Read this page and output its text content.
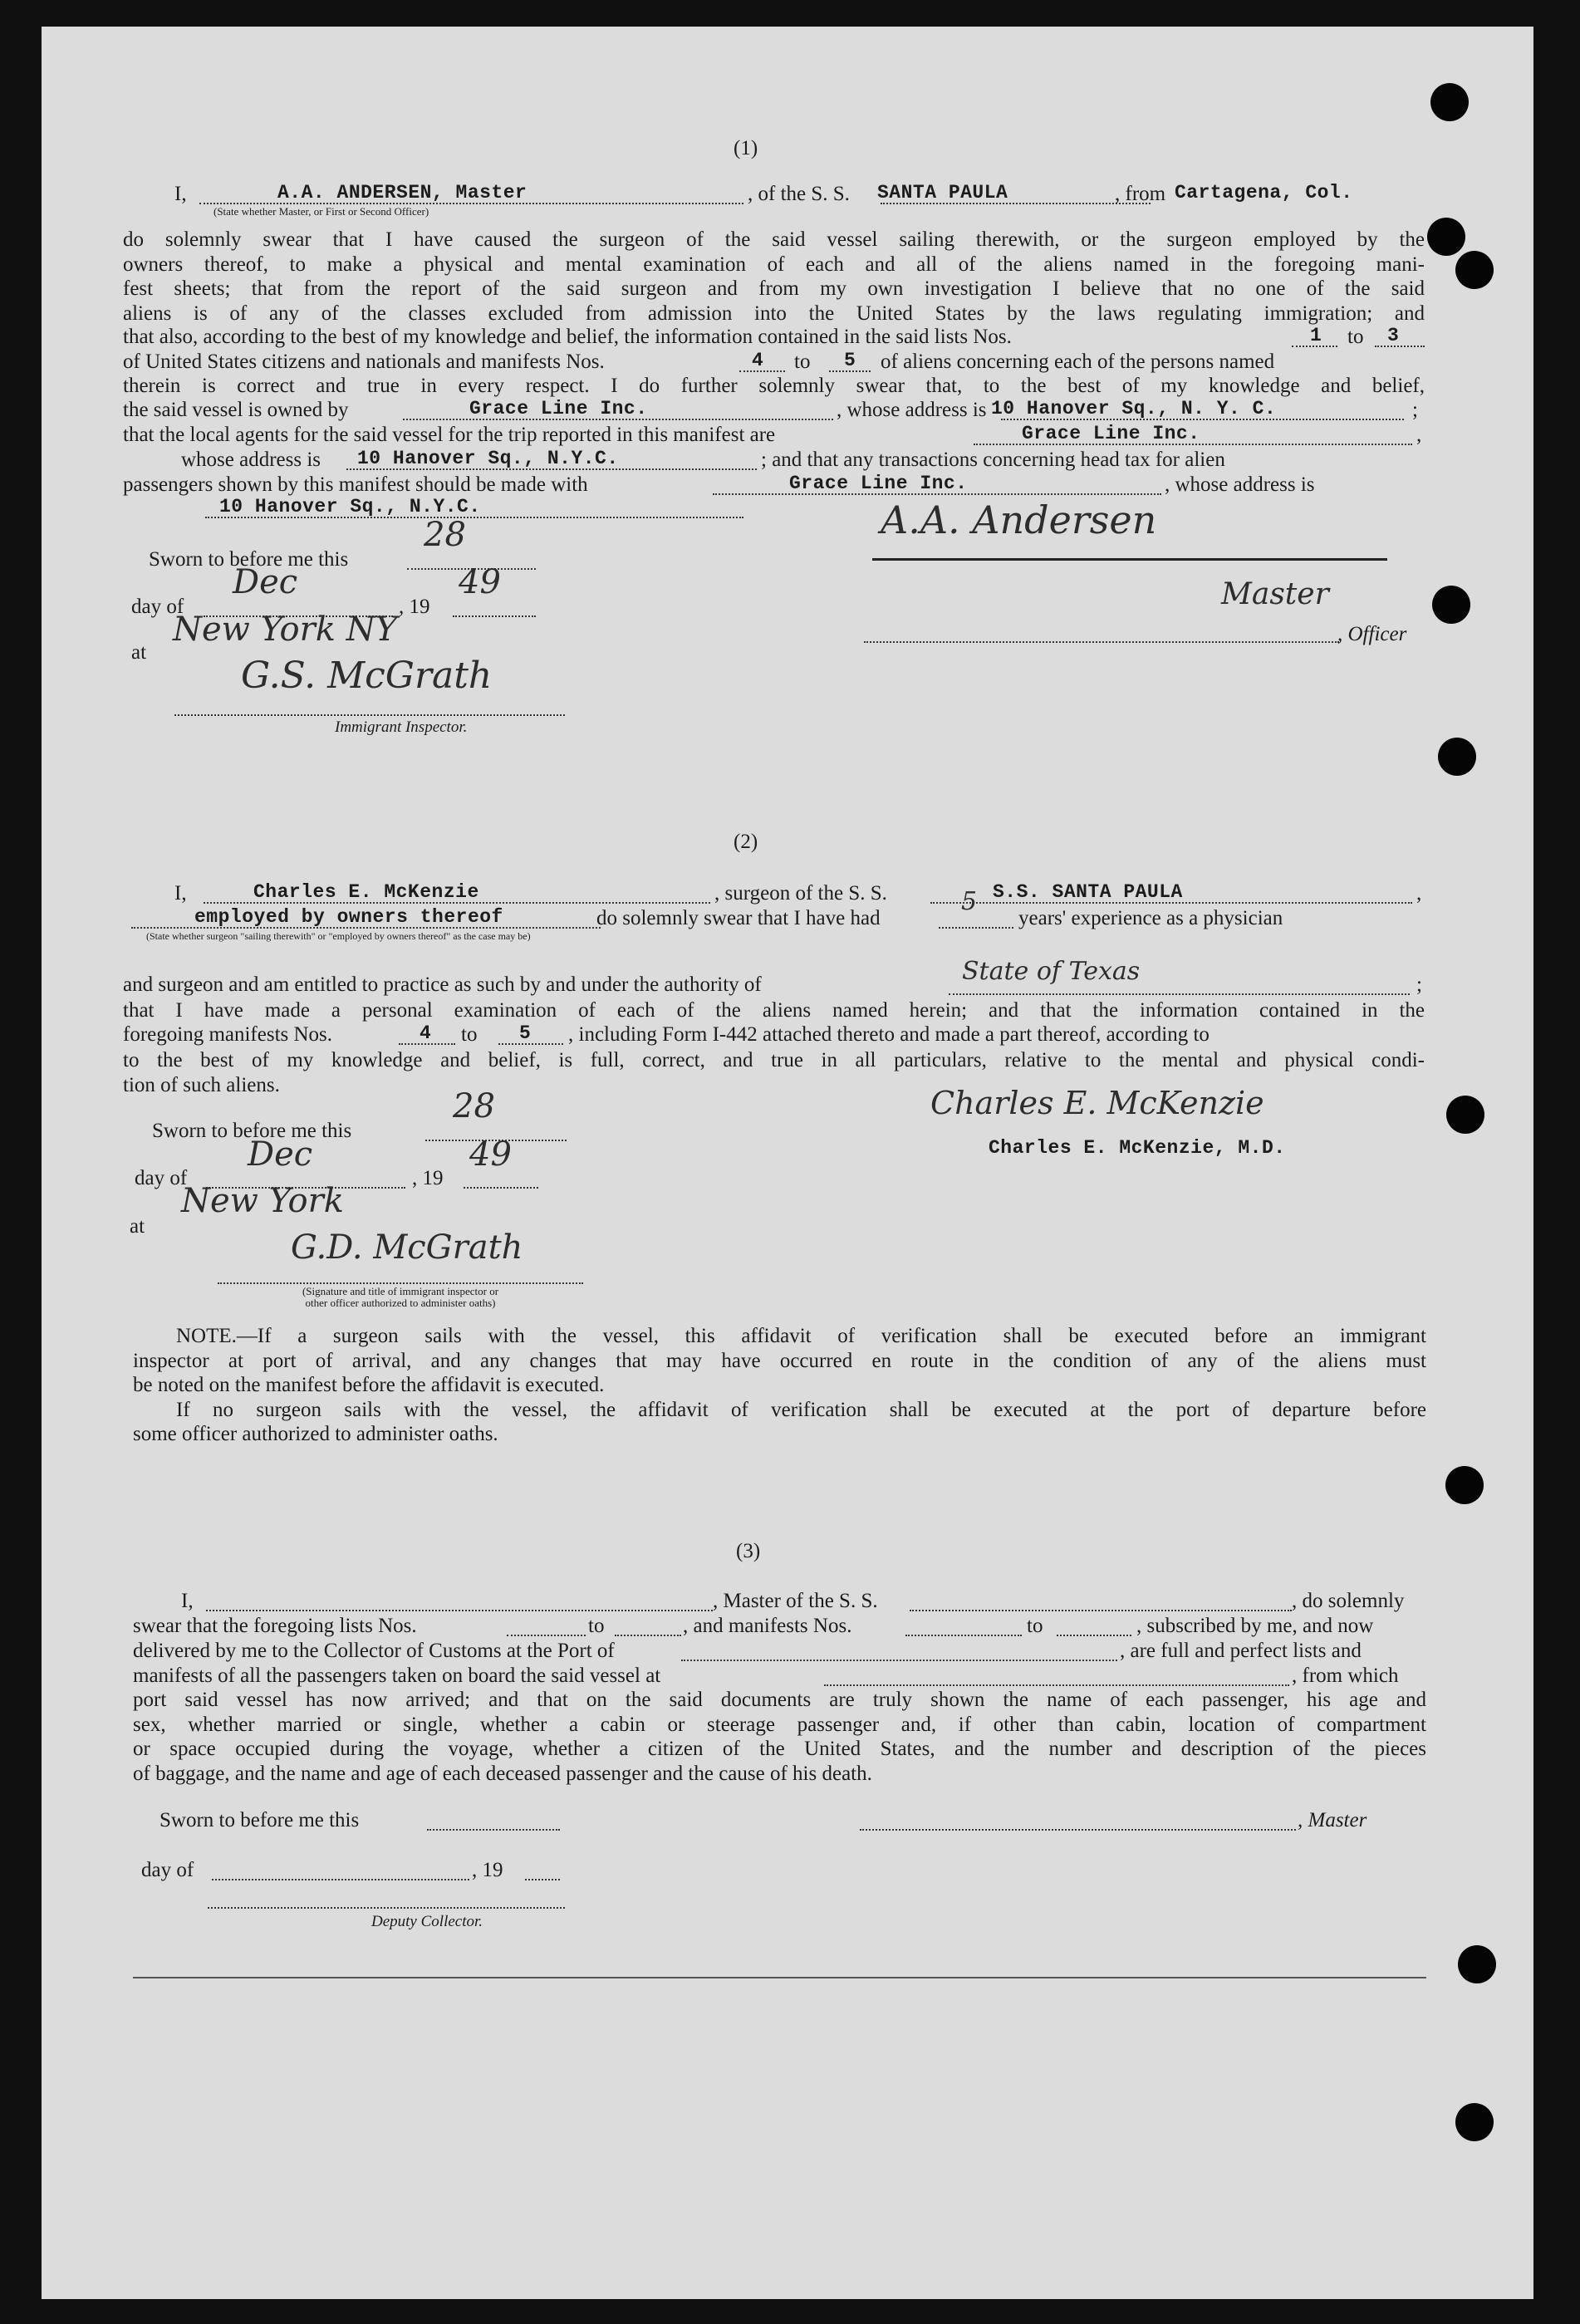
(1)
I,	A.A. ANDERSEN, Master	, of the S. S. SANTA PAULA	, from Cartagena, Col.
(State whether Master, or First or Second Officer)
do solemnly swear that I have caused the surgeon of the said vessel sailing therewith, or the surgeon employed by the
owners thereof, to make a physical and mental examination of each and all of the aliens named in the foregoing mani-
fest sheets; that from the report of the said surgeon and from my own investigation I believe that no one of the said
aliens is of any of the classes excluded from admission into the United States by the laws regulating immigration; and
that also, according to the best of my knowledge and belief, the information contained in the said lists Nos.	1 to 3
of United States citizens and nationals and manifests Nos.	4 to 5 of aliens concerning each of the persons named
therein is correct and true in every respect. I do further solemnly swear that, to the best of my knowledge and belief,
the said vessel is owned by	Grace Line Inc.	, whose address is 10 Hanover Sq., N. Y. C.	;
that the local agents for the said vessel for the trip reported in this manifest are	Grace Line Inc.	,
whose address is 10 Hanover Sq., N.Y.C.	; and that any transactions concerning head tax for alien
passengers shown by this manifest should be made with	Grace Line Inc.	, whose address is
10 Hanover Sq., N.Y.C.
Sworn to before me this
28
day of
Dec
, 19
49
at
New York NY
G.S. McGrath
Immigrant Inspector.
A.A. Andersen
Master
, Officer
(2)
I,	Charles E. McKenzie	, surgeon of the S. S.	S.S. SANTA PAULA	,
employed by owners thereof	do solemnly swear that I have had
5
years' experience as a physician
(State whether surgeon "sailing therewith" or "employed by owners thereof" as the case may be)
and surgeon and am entitled to practice as such by and under the authority of	State of Texas	;
that I have made a personal examination of each of the aliens named herein; and that the information contained in the
foregoing manifests Nos.	4 to 5 , including Form I-442 attached thereto and made a part thereof, according to
to the best of my knowledge and belief, is full, correct, and true in all particulars, relative to the mental and physical condi-
tion of such aliens.
Sworn to before me this
28
day of
Dec
, 19
49
at
New York
G.D. McGrath
(Signature and title of immigrant inspector or
other officer authorized to administer oaths)
Charles E. McKenzie
Charles E. McKenzie, M.D.
NOTE.—If a surgeon sails with the vessel, this affidavit of verification shall be executed before an immigrant
inspector at port of arrival, and any changes that may have occurred en route in the condition of any of the aliens must
be noted on the manifest before the affidavit is executed.
If no surgeon sails with the vessel, the affidavit of verification shall be executed at the port of departure before
some officer authorized to administer oaths.
(3)
I,	, Master of the S. S.	, do solemnly
swear that the foregoing lists Nos.	to	, and manifests Nos.	to	, subscribed by me, and now
delivered by me to the Collector of Customs at the Port of	, are full and perfect lists and
manifests of all the passengers taken on board the said vessel at	, from which
port said vessel has now arrived; and that on the said documents are truly shown the name of each passenger, his age and
sex, whether married or single, whether a cabin or steerage passenger and, if other than cabin, location of compartment
or space occupied during the voyage, whether a citizen of the United States, and the number and description of the pieces
of baggage, and the name and age of each deceased passenger and the cause of his death.
Sworn to before me this	, Master
day of	, 19
Deputy Collector.
